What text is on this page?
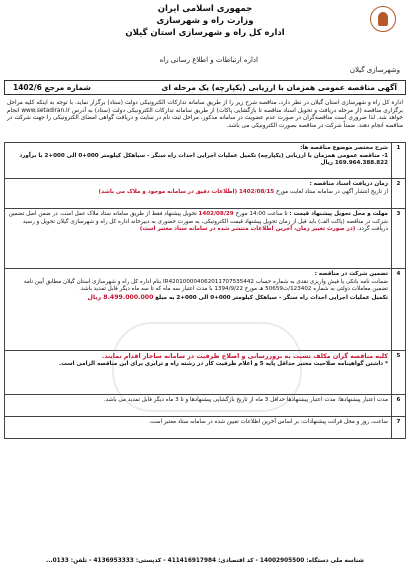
جمهوری اسلامی ایران
وزارت راه و شهرسازی
اداره کل راه و شهرسازی استان گیلان
اداره ارتباطات و اطلاع رسانی راه
وشهرسازی گیلان
آگهی مناقصه عمومی همزمان با ارزیابی (یکپارچه) یک مرحله ای
شماره مرجع 1402/6
اداره کل راه و شهرسازی استان گیلان در نظر دارد، مناقصه شرح زیر را از طریق سامانه تدارکات الکترونیکی دولت (ستاد) برگزار نماید. با توجه به اینکه کلیه مراحل برگزاری مناقصه (از مرحله دریافت و تحویل اسناد مناقصه تا بازگشایی پاکات) از طریق سامانه تدارکات الکترونیکی دولت (ستاد) به آدرس www.setadiran.ir انجام خواهد شد. لذا ضروری است مناقصه‌گران در صورت عدم عضویت در سامانه مذکور، مراحل ثبت نام در سایت و دریافت گواهی امضای الکترونیکی را جهت شرکت در مناقصه انجام دهند. ضمناً شرکت در مناقصه بصورت الکترونیکی می باشد.
1	شرح مختصر موضوع مناقصه ها:
1- مناقصه عمومی همزمان با ارزیابی (یکپارچه) تکمیل عملیات اجرایی احداث راه سنگر - سیاهکل کیلومتر 000+0 الی 000+2 با برآورد
169.964.388.822 ریال

2	زمان دریافت اسناد مناقصه :
از تاریخ انتشار آگهی در سامانه ستاد لغایت مورخ 1402/08/15 (اطلاعات دقیق در سامانه موجود و ملاک می باشد)
3	مهلت و محل تحویل پیشنهاد قیمت : تا ساعت 14:00 مورخ 1402/08/29 تحویل پیشنهاد فقط از طریق سامانه ستاد ملاک عمل است. در ضمن اصل تضمین شرکت در مناقصه (پاکت الف) باید قبل از زمان تحویل پیشنهاد قیمت الکترونیکی، به صورت حضوری به دبیرخانه اداره کل راه و شهرسازی گیلان تحویل و رسید دریافت گردد. (در صورت تغییر زمان، آخرین اطلاعات منتشر شده در سامانه ستاد معتبر است)
4	تضمین شرکت در مناقصه :
ضمانت نامه بانکی یا فیش واریزی نقدی به شماره حساب IR420100004062011707535442 بنام اداره کل راه و شهرسازی استان گیلان مطابق آیین نامه تضمین معاملات دولتی به شماره 123402/ت50659 هـ مورخ 1394/9/22 با مدت اعتبار سه ماه که تا سه ماه دیگر قابل تمدید باشد.
تکمیل عملیات اجرایی احداث راه سنگر - سیاهکل کیلومتر 000+0 الی 000+2 به مبلغ 8.499.000.000 ریال
5	کلیه مناقصه گران مکلف نسبت به بروزرسانی و اصلاح ظرفیت در سامانه ساجار اقدام نمایند.
* داشتن گواهینامه صلاحیت معتبر حداقل پایه 5 و اعلام ظرفیت کار در رشته راه و ترابری برای این مناقصه الزامی است.

6	مدت اعتبار پیشنهادها: مدت اعتبار پیشنهادها حداقل 3 ماه از تاریخ بازگشایی پیشنهادها و تا 3 ماه دیگر قابل تمدید می باشد.

7	ساعت، روز و محل قرائت پیشنهادات: بر اساس آخرین اطلاعات تعیین شده در سامانه ستاد معتبر است.
شناسه ملی دستگاه: 14002905500 - کد اقتصادی: 411416917984 - کدپستی: 4136953333 - تلفن: 0133...
